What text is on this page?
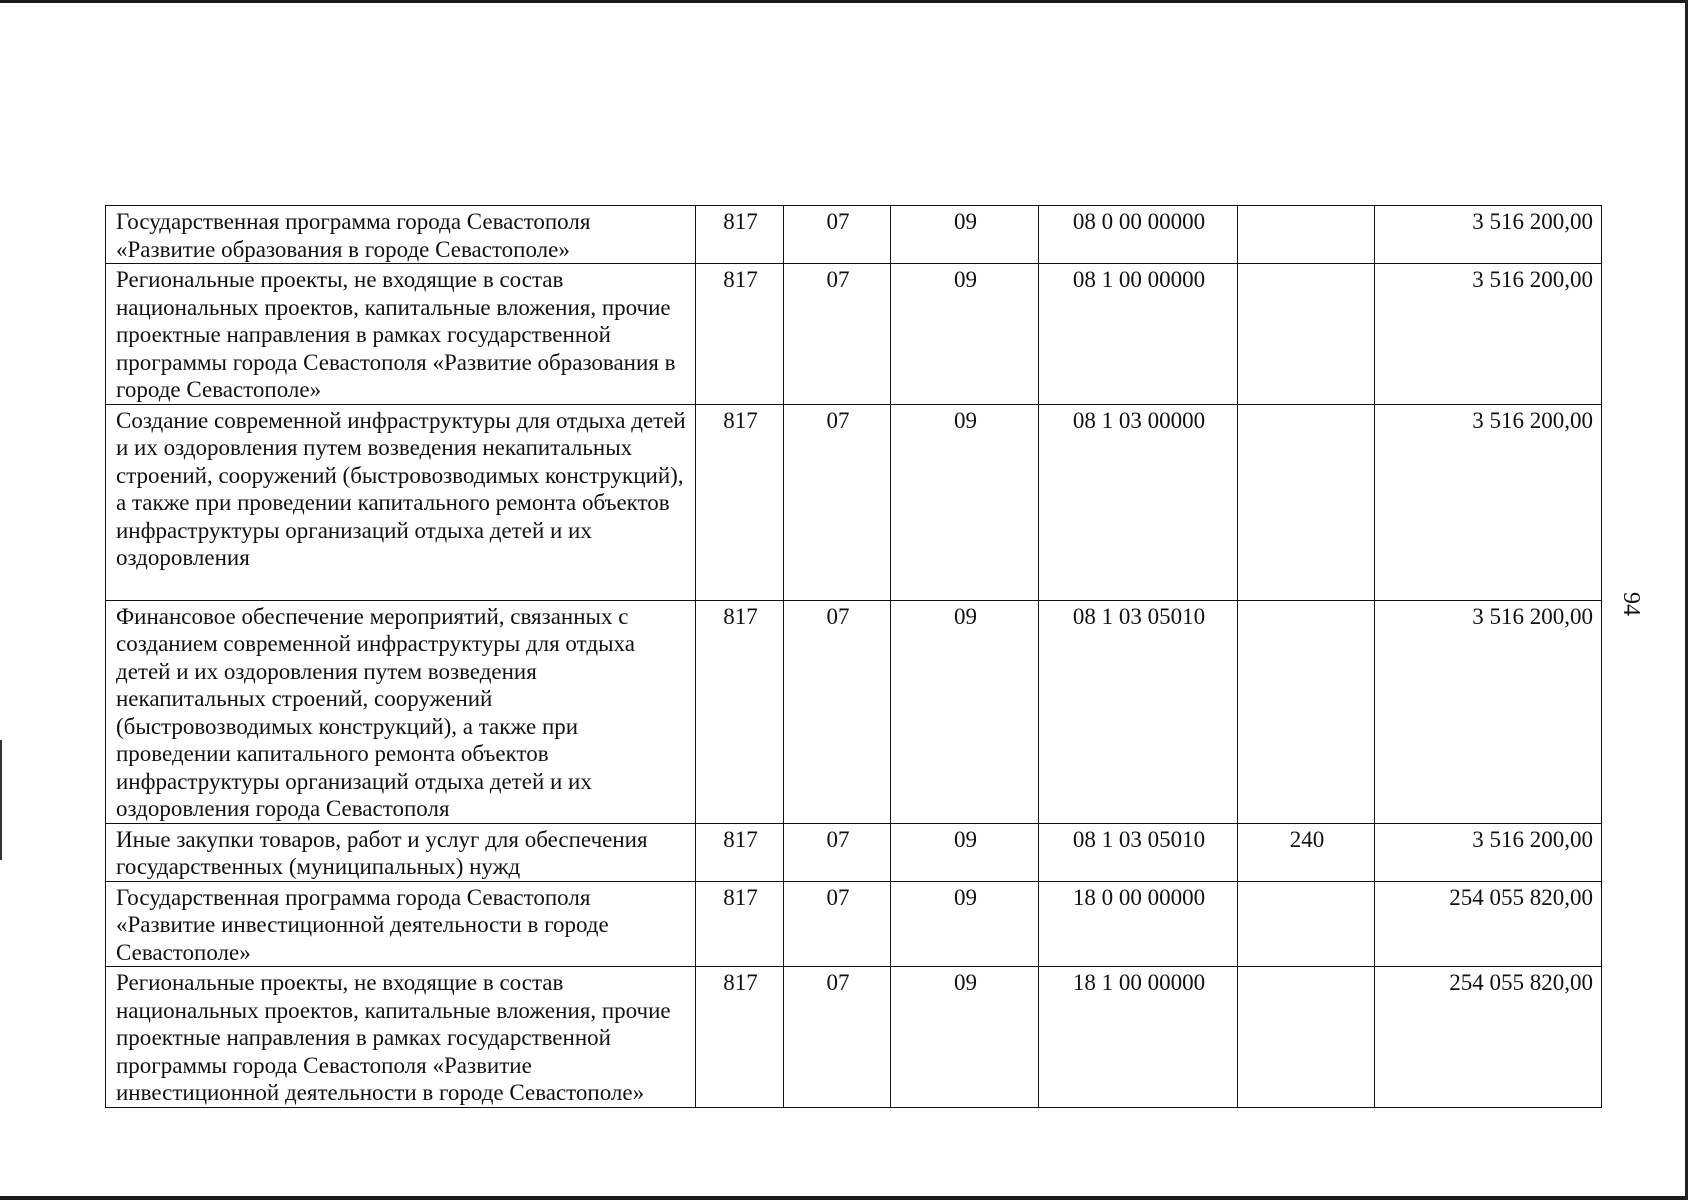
Государственная программа города Севастополя «Развитие образования в городе Севастополе»	817	07	09	08 0 00 00000		3 516 200,00
Региональные проекты, не входящие в состав национальных проектов, капитальные вложения, прочие проектные направления в рамках государственной программы города Севастополя «Развитие образования в городе Севастополе»	817	07	09	08 1 00 00000		3 516 200,00
Создание современной инфраструктуры для отдыха детей и их оздоровления путем возведения некапитальных строений, сооружений (быстровозводимых конструкций), а также при проведении капитального ремонта объектов инфраструктуры организаций отдыха детей и их оздоровления	817	07	09	08 1 03 00000		3 516 200,00
Финансовое обеспечение мероприятий, связанных с созданием современной инфраструктуры для отдыха детей и их оздоровления путем возведения некапитальных строений, сооружений (быстровозводимых конструкций), а также при проведении капитального ремонта объектов инфраструктуры организаций отдыха детей и их оздоровления города Севастополя	817	07	09	08 1 03 05010		3 516 200,00
Иные закупки товаров, работ и услуг для обеспечения государственных (муниципальных) нужд	817	07	09	08 1 03 05010	240	3 516 200,00
Государственная программа города Севастополя «Развитие инвестиционной деятельности в городе Севастополе»	817	07	09	18 0 00 00000		254 055 820,00
Региональные проекты, не входящие в состав национальных проектов, капитальные вложения, прочие проектные направления в рамках государственной программы города Севастополя «Развитие инвестиционной деятельности в городе Севастополе»	817	07	09	18 1 00 00000		254 055 820,00
94
